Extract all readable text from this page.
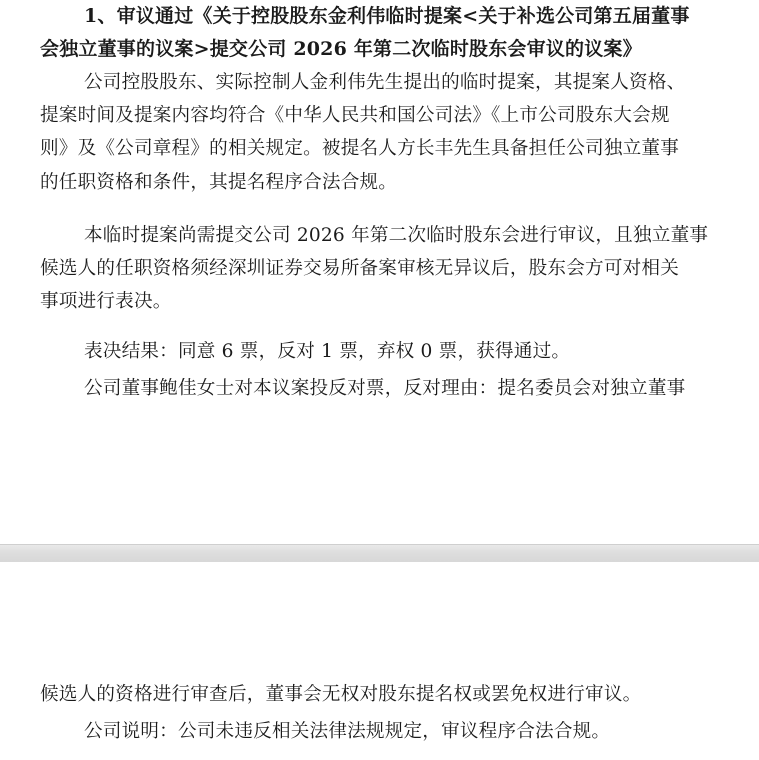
1、审议通过《关于控股股东金利伟临时提案<关于补选公司第五届董事
会独立董事的议案>提交公司 2026 年第二次临时股东会审议的议案》
公司控股股东、实际控制人金利伟先生提出的临时提案，其提案人资格、
提案时间及提案内容均符合《中华人民共和国公司法》《上市公司股东大会规
则》及《公司章程》的相关规定。被提名人方长丰先生具备担任公司独立董事
的任职资格和条件，其提名程序合法合规。
本临时提案尚需提交公司 2026 年第二次临时股东会进行审议，且独立董事
候选人的任职资格须经深圳证券交易所备案审核无异议后，股东会方可对相关
事项进行表决。
表决结果：同意 6 票，反对 1 票，弃权 0 票，获得通过。
公司董事鲍佳女士对本议案投反对票，反对理由：提名委员会对独立董事
候选人的资格进行审查后，董事会无权对股东提名权或罢免权进行审议。
公司说明：公司未违反相关法律法规规定，审议程序合法合规。
